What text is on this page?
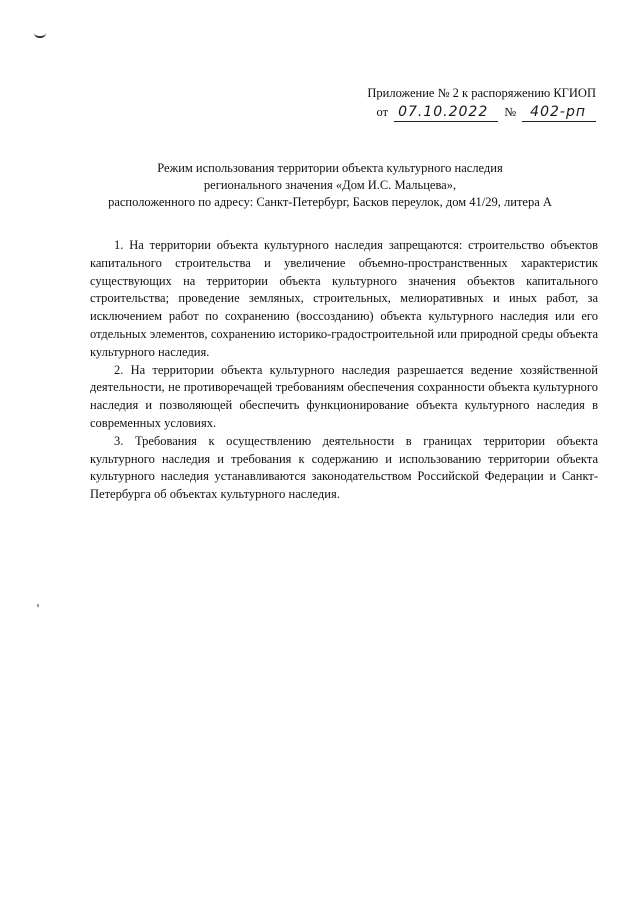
Приложение № 2 к распоряжению КГИОП
от 07.10.2022	№	402-рп
Режим использования территории объекта культурного наследия
регионального значения «Дом И.С. Мальцева»,
расположенного по адресу: Санкт-Петербург, Басков переулок, дом 41/29, литера А

1. На территории объекта культурного наследия запрещаются: строительство объектов капитального строительства и увеличение объемно-пространственных характеристик существующих на территории объекта культурного значения объектов капитального строительства; проведение земляных, строительных, мелиоративных и иных работ, за исключением работ по сохранению (воссозданию) объекта культурного наследия или его отдельных элементов, сохранению историко-градостроительной или природной среды объекта культурного наследия.

2. На территории объекта культурного наследия разрешается ведение хозяйственной деятельности, не противоречащей требованиям обеспечения сохранности объекта культурного наследия и позволяющей обеспечить функционирование объекта культурного наследия в современных условиях.

3. Требования к осуществлению деятельности в границах территории объекта культурного наследия и требования к содержанию и использованию территории объекта культурного наследия устанавливаются законодательством Российской Федерации и Санкт-Петербурга об объектах культурного наследия.
